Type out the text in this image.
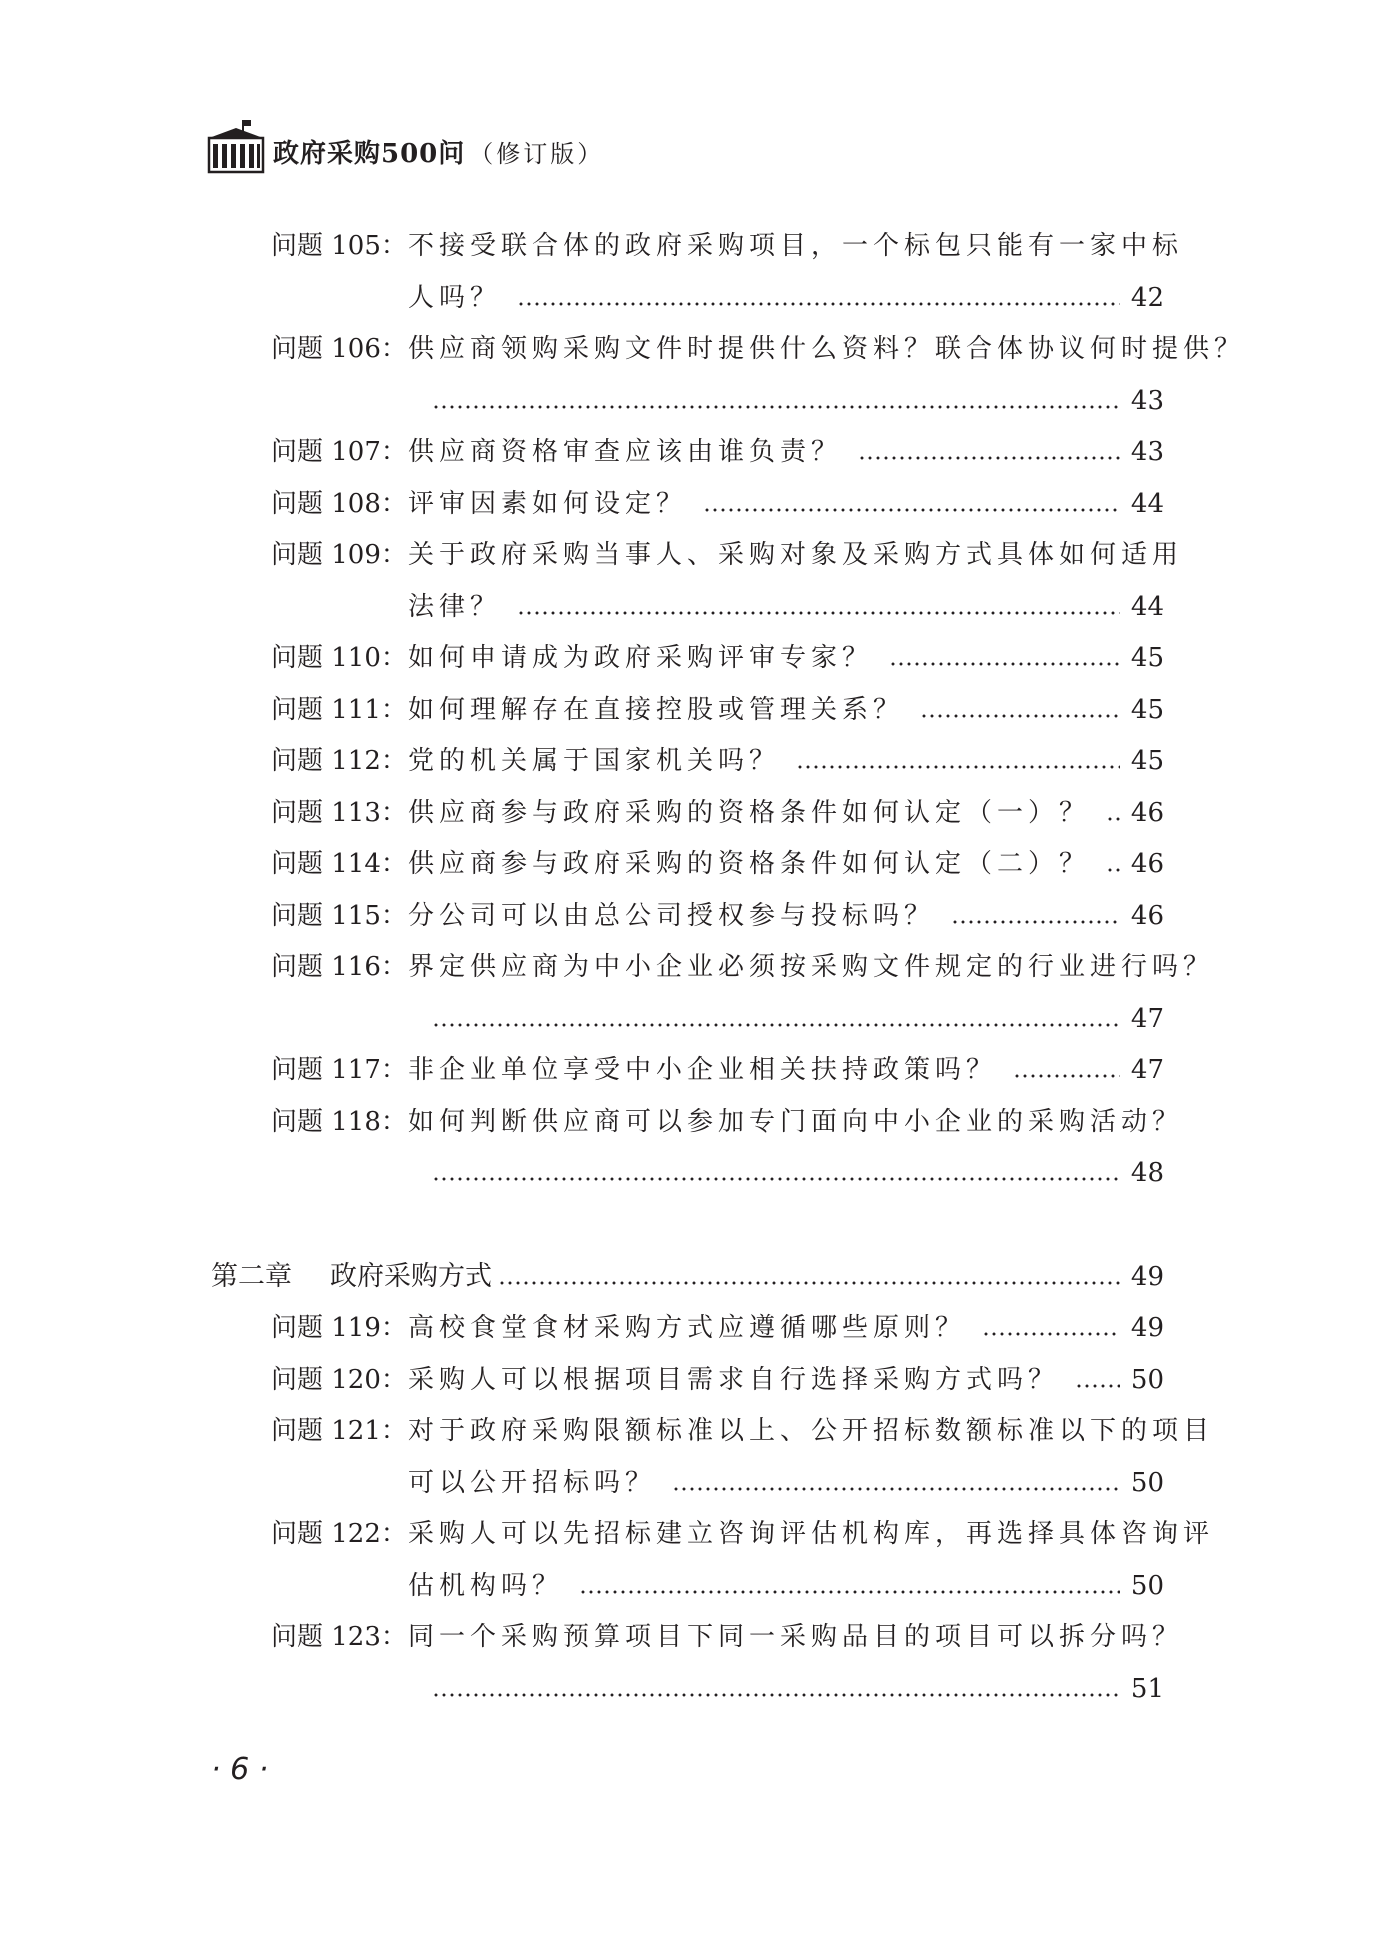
政府采购500问 （修订版）
问题 105： 不接受联合体的政府采购项目，一个标包只能有一家中标
人吗？	42
问题 106： 供应商领购采购文件时提供什么资料？联合体协议何时提供？
43
问题 107： 供应商资格审查应该由谁负责？	43
问题 108： 评审因素如何设定？	44
问题 109： 关于政府采购当事人、采购对象及采购方式具体如何适用
法律？	44
问题 110： 如何申请成为政府采购评审专家？	45
问题 111： 如何理解存在直接控股或管理关系？	45
问题 112： 党的机关属于国家机关吗？	45
问题 113： 供应商参与政府采购的资格条件如何认定（一）？ 46
问题 114： 供应商参与政府采购的资格条件如何认定（二）？ 46
问题 115： 分公司可以由总公司授权参与投标吗？	46
问题 116： 界定供应商为中小企业必须按采购文件规定的行业进行吗？
47
问题 117： 非企业单位享受中小企业相关扶持政策吗？	47
问题 118： 如何判断供应商可以参加专门面向中小企业的采购活动？
48
第二章 政府采购方式	49
问题 119： 高校食堂食材采购方式应遵循哪些原则？	49
问题 120： 采购人可以根据项目需求自行选择采购方式吗？	50
问题 121： 对于政府采购限额标准以上、公开招标数额标准以下的项目
可以公开招标吗？	50
问题 122： 采购人可以先招标建立咨询评估机构库，再选择具体咨询评
估机构吗？	50
问题 123： 同一个采购预算项目下同一采购品目的项目可以拆分吗？
51
· 6 ·
